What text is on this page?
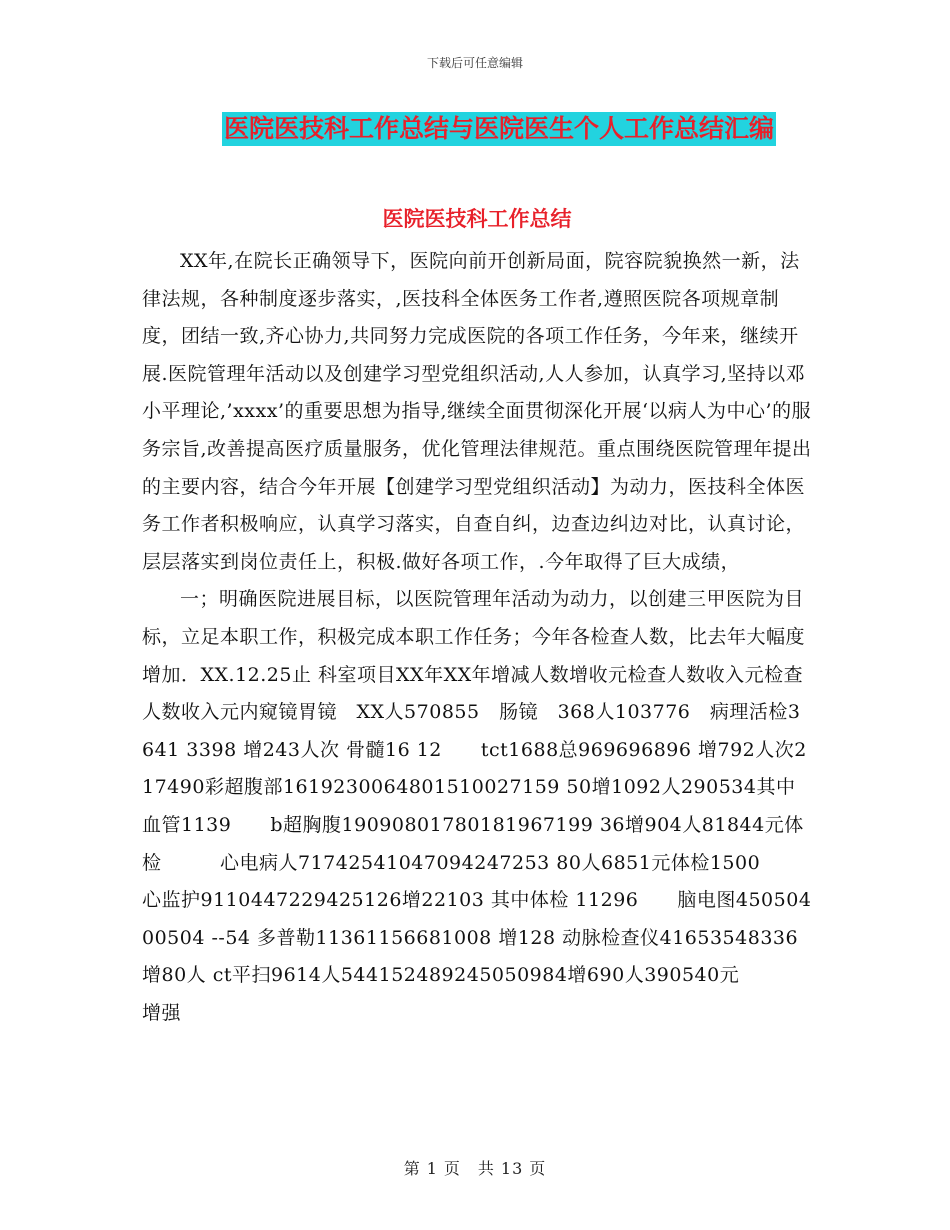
下载后可任意编辑
医院医技科工作总结与医院医生个人工作总结汇编
医院医技科工作总结

XX年,在院长正确领导下，医院向前开创新局面，院容院貌换然一新，法律法规，各种制度逐步落实，,医技科全体医务工作者,遵照医院各项规章制度，团结一致,齐心协力,共同努力完成医院的各项工作任务，今年来，继续开展.医院管理年活动以及创建学习型党组织活动,人人参加，认真学习,坚持以邓小平理论,’xxxx’的重要思想为指导,继续全面贯彻深化开展‘以病人为中心’的服务宗旨,改善提高医疗质量服务，优化管理法律规范。重点围绕医院管理年提出的主要内容，结合今年开展【创建学习型党组织活动】为动力，医技科全体医务工作者积极响应，认真学习落实，自查自纠，边查边纠边对比，认真讨论，层层落实到岗位责任上，积极.做好各项工作，.今年取得了巨大成绩，

一；明确医院进展目标，以医院管理年活动为动力，以创建三甲医院为目标，立足本职工作，积极完成本职工作任务；今年各检查人数，比去年大幅度增加．XX.12.25止 科室项目XX年XX年增减人数增收元检查人数收入元检查人数收入元内窥镜胃镜　XX人570855　肠镜　368人103776　病理活检3641 3398 增243人次 骨髓16 12　　tct1688总969696896 增792人次217490彩超腹部1619230064801510027159 50增1092人290534其中血管1139　　b超胸腹19090801780181967199 36增904人81844元体检　　　心电病人71742541047094247253 80人6851元体检1500　　　心监护9110447229425126增22103 其中体检 11296　　脑电图45050400504 --54 多普勒11361156681008 增128 动脉检查仪41653548336 增80人 ct平扫9614人544152489245050984增690人390540元　　　　　　增强

第 1 页　共 13 页
